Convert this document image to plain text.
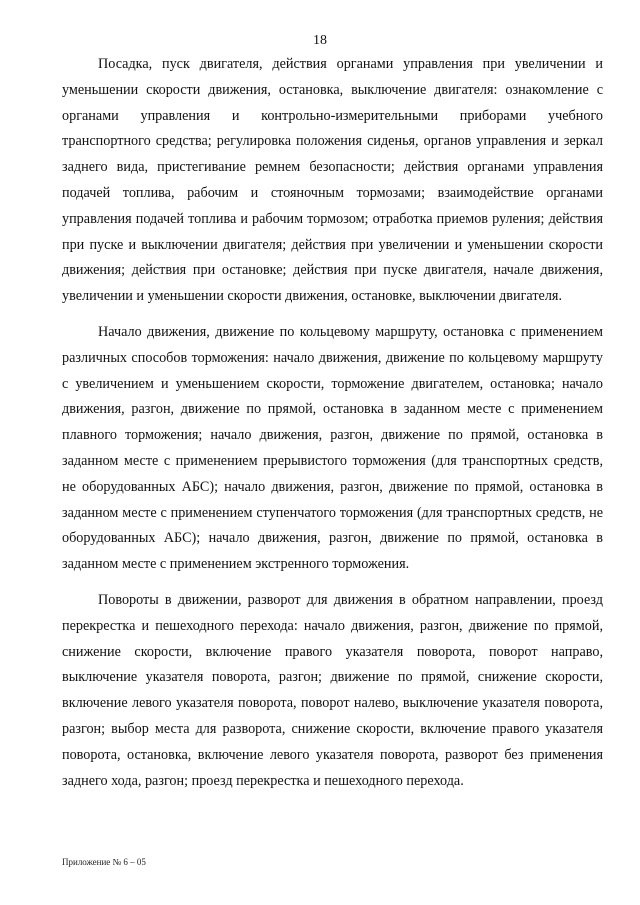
18

Посадка, пуск двигателя, действия органами управления при увеличении и уменьшении скорости движения, остановка, выключение двигателя: ознакомление с органами управления и контрольно-измерительными приборами учебного транспортного средства; регулировка положения сиденья, органов управления и зеркал заднего вида, пристегивание ремнем безопасности; действия органами управления подачей топлива, рабочим и стояночным тормозами; взаимодействие органами управления подачей топлива и рабочим тормозом; отработка приемов руления; действия при пуске и выключении двигателя; действия при увеличении и уменьшении скорости движения; действия при остановке; действия при пуске двигателя, начале движения, увеличении и уменьшении скорости движения, остановке, выключении двигателя.

Начало движения, движение по кольцевому маршруту, остановка с применением различных способов торможения: начало движения, движение по кольцевому маршруту с увеличением и уменьшением скорости, торможение двигателем, остановка; начало движения, разгон, движение по прямой, остановка в заданном месте с применением плавного торможения; начало движения, разгон, движение по прямой, остановка в заданном месте с применением прерывистого торможения (для транспортных средств, не оборудованных АБС); начало движения, разгон, движение по прямой, остановка в заданном месте с применением ступенчатого торможения (для транспортных средств, не оборудованных АБС); начало движения, разгон, движение по прямой, остановка в заданном месте с применением экстренного торможения.

Повороты в движении, разворот для движения в обратном направлении, проезд перекрестка и пешеходного перехода: начало движения, разгон, движение по прямой, снижение скорости, включение правого указателя поворота, поворот направо, выключение указателя поворота, разгон; движение по прямой, снижение скорости, включение левого указателя поворота, поворот налево, выключение указателя поворота, разгон; выбор места для разворота, снижение скорости, включение правого указателя поворота, остановка, включение левого указателя поворота, разворот без применения заднего хода, разгон; проезд перекрестка и пешеходного перехода.

Приложение № 6 – 05
